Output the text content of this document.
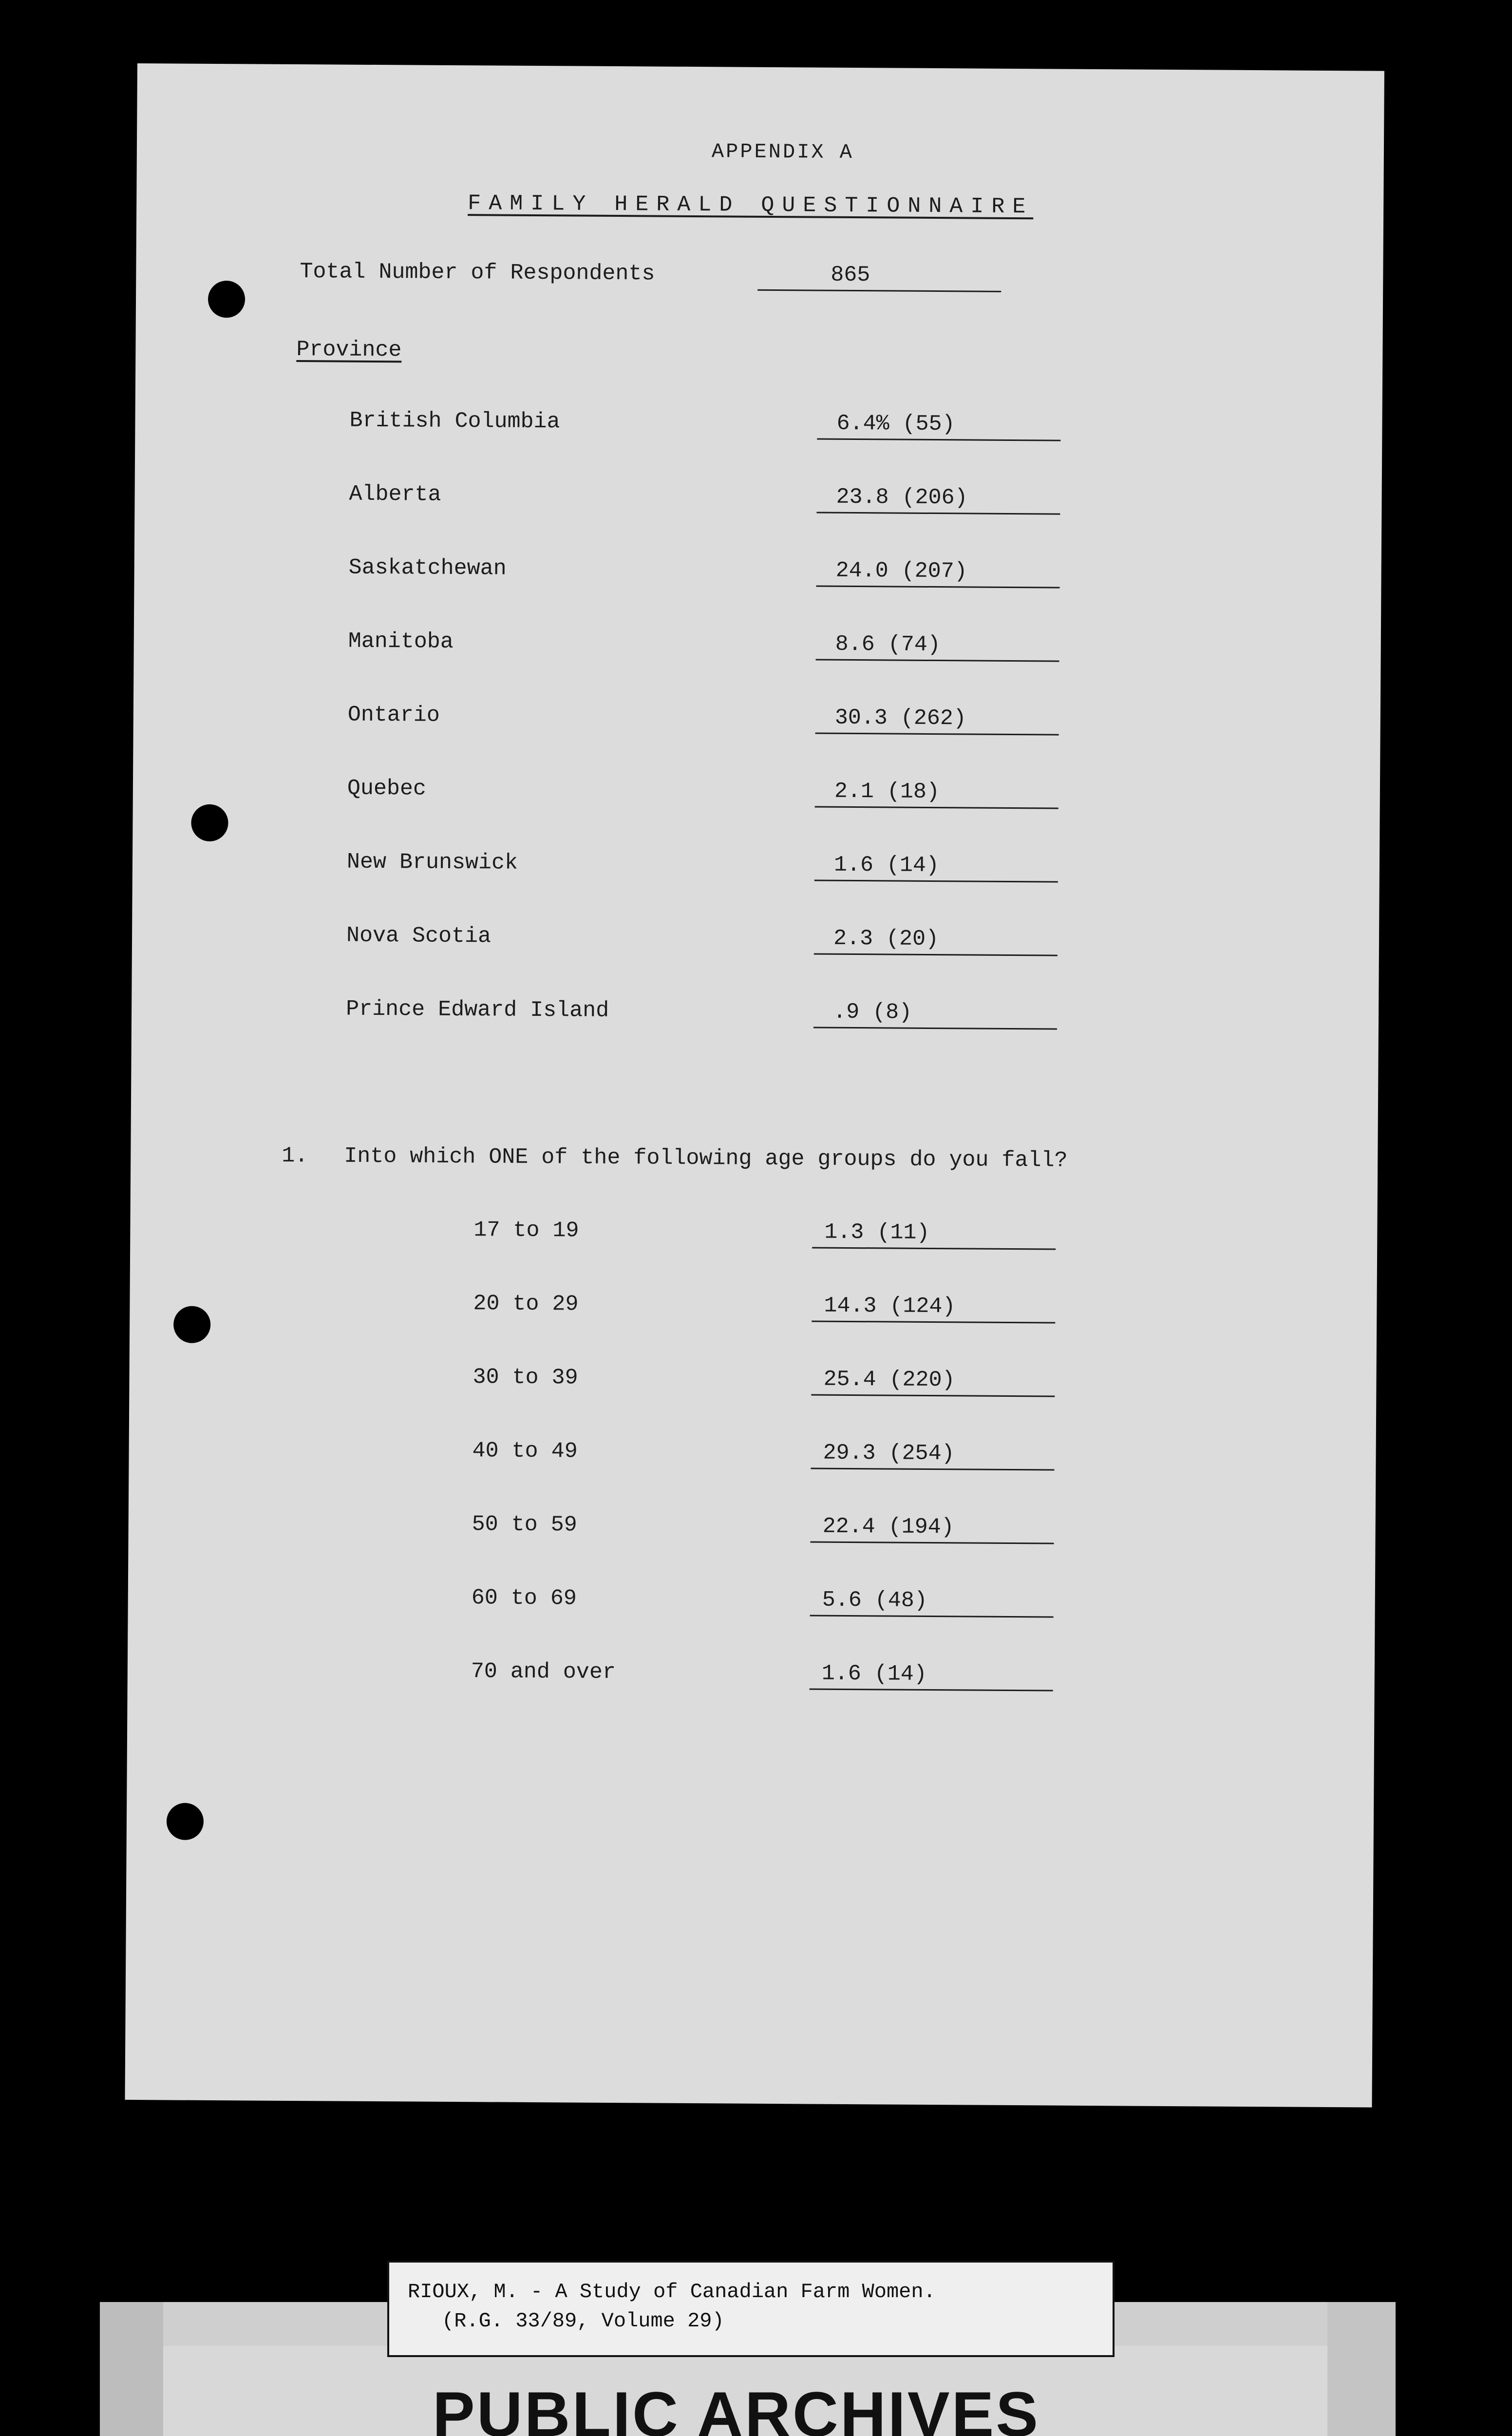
APPENDIX A
FAMILY HERALD QUESTIONNAIRE
Total Number of Respondents	865
Province
British Columbia	6.4% (55)
Alberta	23.8 (206)
Saskatchewan	24.0 (207)
Manitoba	8.6 (74)
Ontario	30.3 (262)
Quebec	2.1 (18)
New Brunswick	1.6 (14)
Nova Scotia	2.3 (20)
Prince Edward Island	.9 (8)
1. Into which ONE of the following age groups do you fall?
17 to 19	1.3 (11)
20 to 29	14.3 (124)
30 to 39	25.4 (220)
40 to 49	29.3 (254)
50 to 59	22.4 (194)
60 to 69	5.6 (48)
70 and over	1.6 (14)
RIOUX, M. - A Study of Canadian Farm Women.
(R.G. 33/89, Volume 29)
PUBLIC ARCHIVES
